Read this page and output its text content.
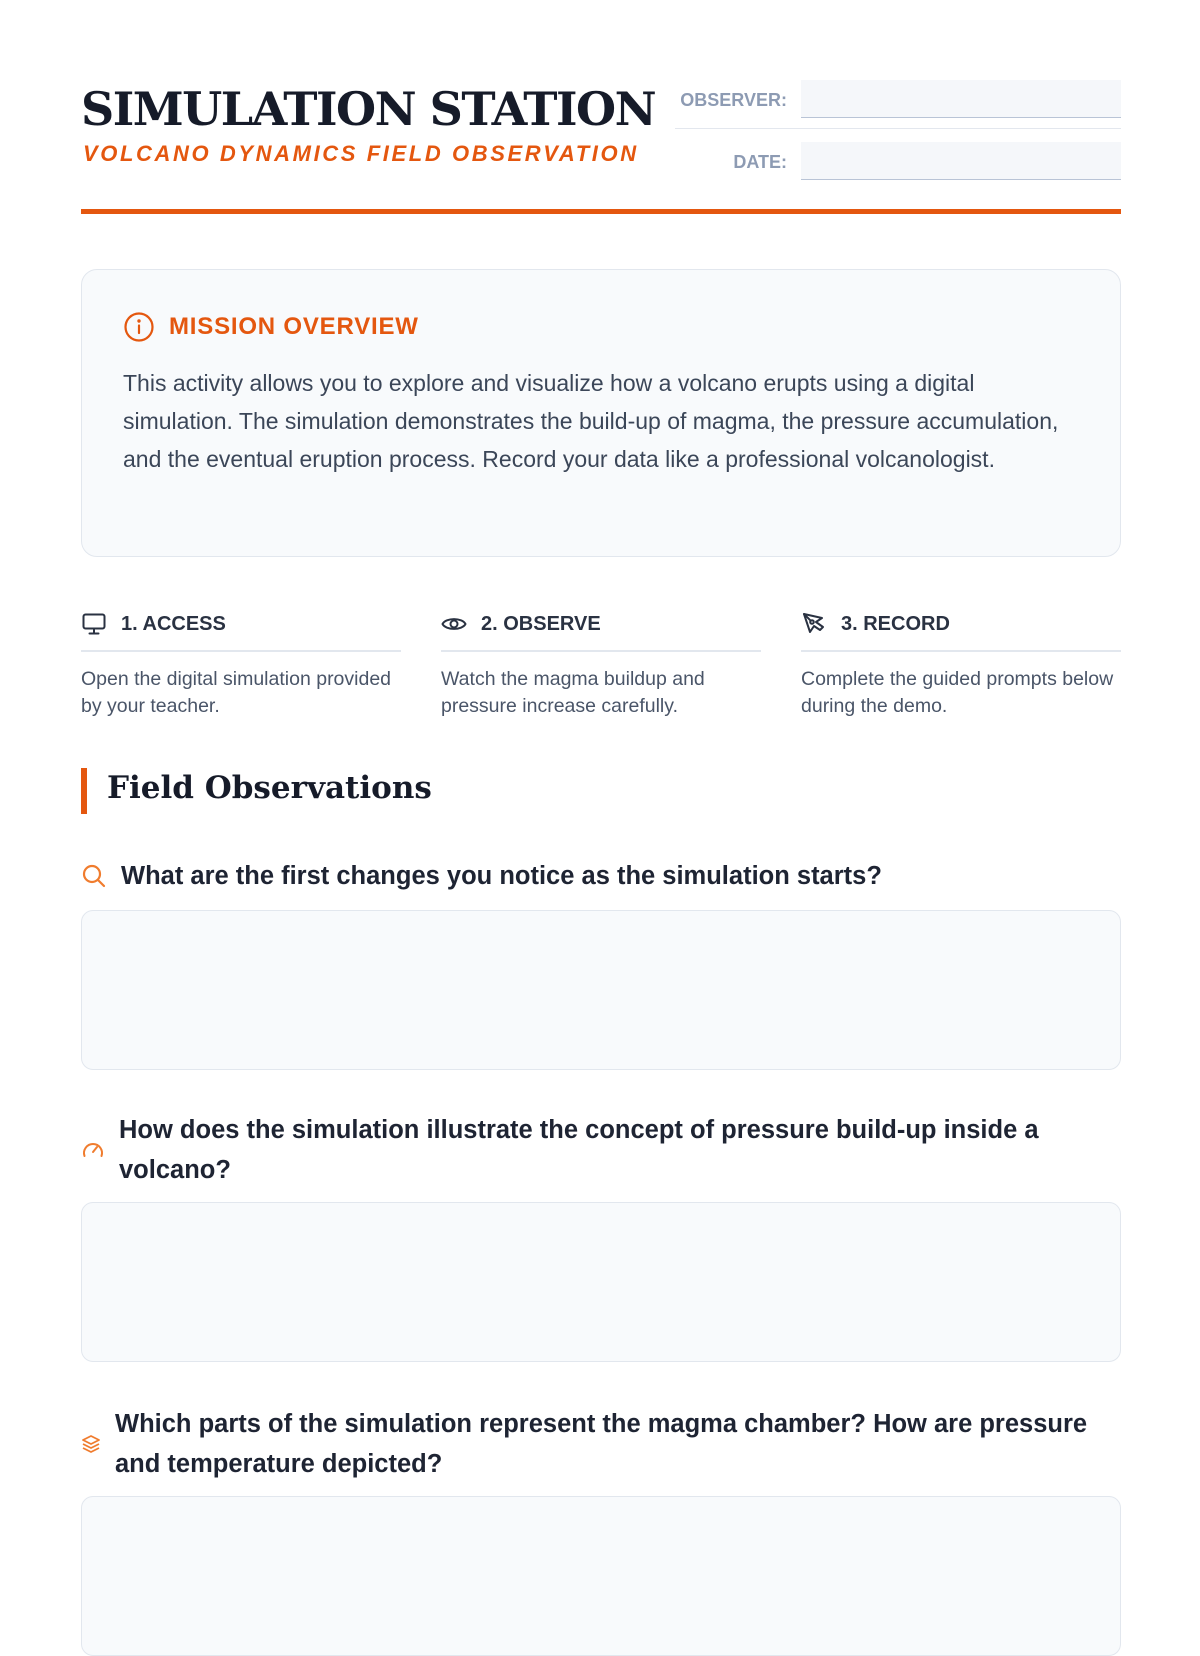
SIMULATION STATION
VOLCANO DYNAMICS FIELD OBSERVATION
OBSERVER:
DATE:
MISSION OVERVIEW
This activity allows you to explore and visualize how a volcano erupts using a digital simulation. The simulation demonstrates the build-up of magma, the pressure accumulation, and the eventual eruption process. Record your data like a professional volcanologist.
1. ACCESS
Open the digital simulation provided by your teacher.
2. OBSERVE
Watch the magma buildup and pressure increase carefully.
3. RECORD
Complete the guided prompts below during the demo.
Field Observations
What are the first changes you notice as the simulation starts?
How does the simulation illustrate the concept of pressure build-up inside a volcano?
Which parts of the simulation represent the magma chamber? How are pressure and temperature depicted?
